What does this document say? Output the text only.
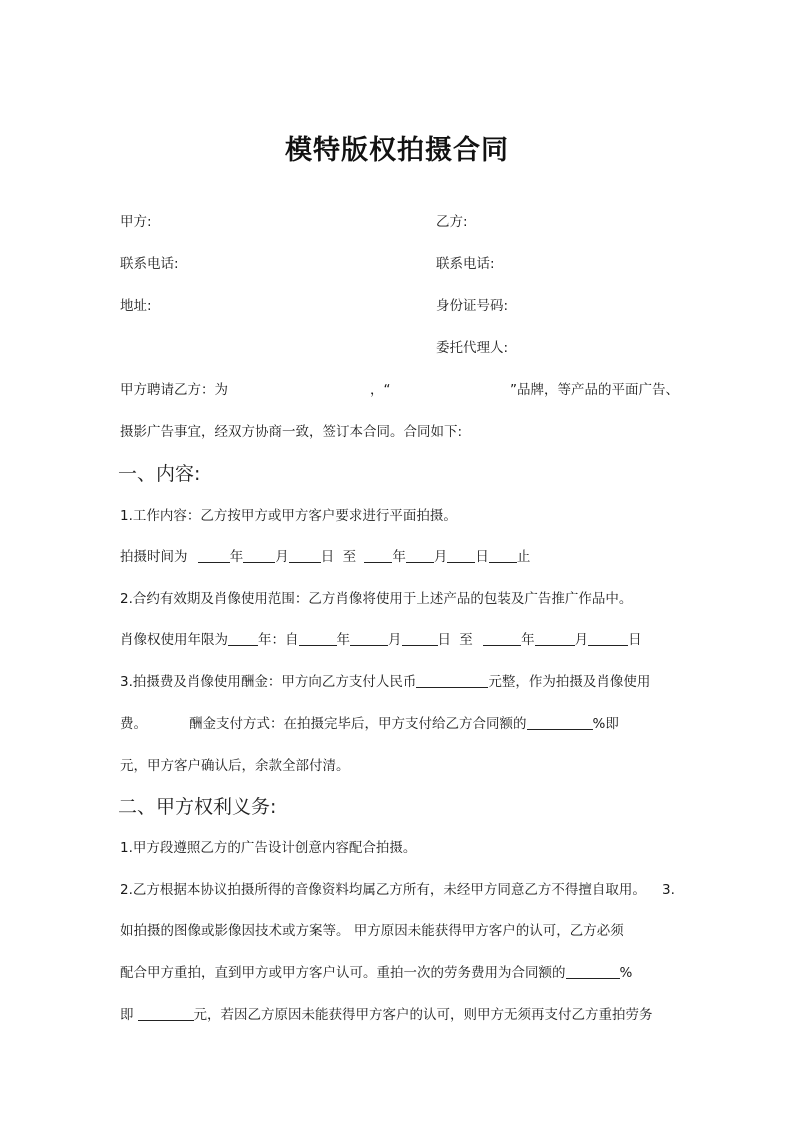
模特版权拍摄合同
甲方:	乙方:
联系电话:	联系电话:
地址:	身份证号码:
委托代理人:
甲方聘请乙方：为	，“	”品牌，等产品的平面广告、
摄影广告事宜，经双方协商一致，签订本合同。合同如下:
一、内容:
1.工作内容：乙方按甲方或甲方客户要求进行平面拍摄。
拍摄时间为	年 月 日 至	年 月 日 止
2.合约有效期及肖像使用范围：乙方肖像将使用于上述产品的包装及广告推广作品中。
肖像权使用年限为 年：自	年	月	日 至	年	月	日
3.拍摄费及肖像使用酬金：甲方向乙方支付人民币	元整，作为拍摄及肖像使用
费。	酬金支付方式：在拍摄完毕后，甲方支付给乙方合同额的	%即
元，甲方客户确认后，余款全部付清。
二、甲方权利义务:
1.甲方段遵照乙方的广告设计创意内容配合拍摄。
2.乙方根据本协议拍摄所得的音像资料均属乙方所有，未经甲方同意乙方不得擅自取用。 3.
如拍摄的图像或影像因技术或方案等。 甲方原因未能获得甲方客户的认可，乙方必须
配合甲方重拍，直到甲方或甲方客户认可。重拍一次的劳务费用为合同额的	%
即	元，若因乙方原因未能获得甲方客户的认可，则甲方无须再支付乙方重拍劳务
